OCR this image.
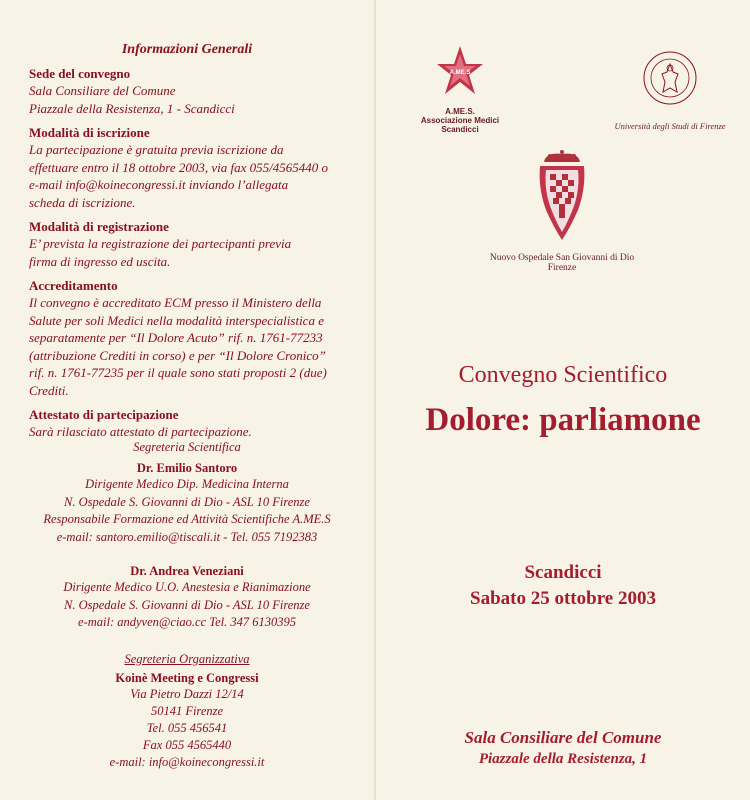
Informazioni Generali
Sede del convegno
Sala Consiliare del Comune
Piazzale della Resistenza, 1 - Scandicci
Modalità di iscrizione
La partecipazione è gratuita previa iscrizione da
effettuare entro il 18 ottobre 2003, via fax 055/4565440 o
e-mail info@koinecongressi.it inviando l’allegata
scheda di iscrizione.
Modalità di registrazione
E’ prevista la registrazione dei partecipanti previa
firma di ingresso ed uscita.
Accreditamento
Il convegno è accreditato ECM presso il Ministero della
Salute per soli Medici nella modalità interspecialistica e
separatamente per “Il Dolore Acuto” rif. n. 1761-77233
(attribuzione Crediti in corso) e per “Il Dolore Cronico”
rif. n. 1761-77235 per il quale sono stati proposti 2 (due)
Crediti.
Attestato di partecipazione
Sarà rilasciato attestato di partecipazione.
Segreteria Scientifica
Dr. Emilio Santoro
Dirigente Medico Dip. Medicina Interna
N. Ospedale S. Giovanni di Dio - ASL 10 Firenze
Responsabile Formazione ed Attività Scientifiche A.ME.S
e-mail: santoro.emilio@tiscali.it - Tel. 055 7192383
Dr. Andrea Veneziani
Dirigente Medico U.O. Anestesia e Rianimazione
N. Ospedale S. Giovanni di Dio - ASL 10 Firenze
e-mail: andyven@ciao.cc Tel. 347 6130395
Segreteria Organizzativa
Koinè Meeting e Congressi
Via Pietro Dazzi 12/14
50141 Firenze
Tel. 055 456541
Fax 055 4565440
e-mail: info@koinecongressi.it
A.ME.S
A.ME.S.
Associazione Medici Scandicci	Università degli Studi di Firenze
Nuovo Ospedale San Giovanni di Dio
Firenze
Convegno Scientifico
Dolore: parliamone
Scandicci
Sabato 25 ottobre 2003
Sala Consiliare del Comune
Piazzale della Resistenza, 1
